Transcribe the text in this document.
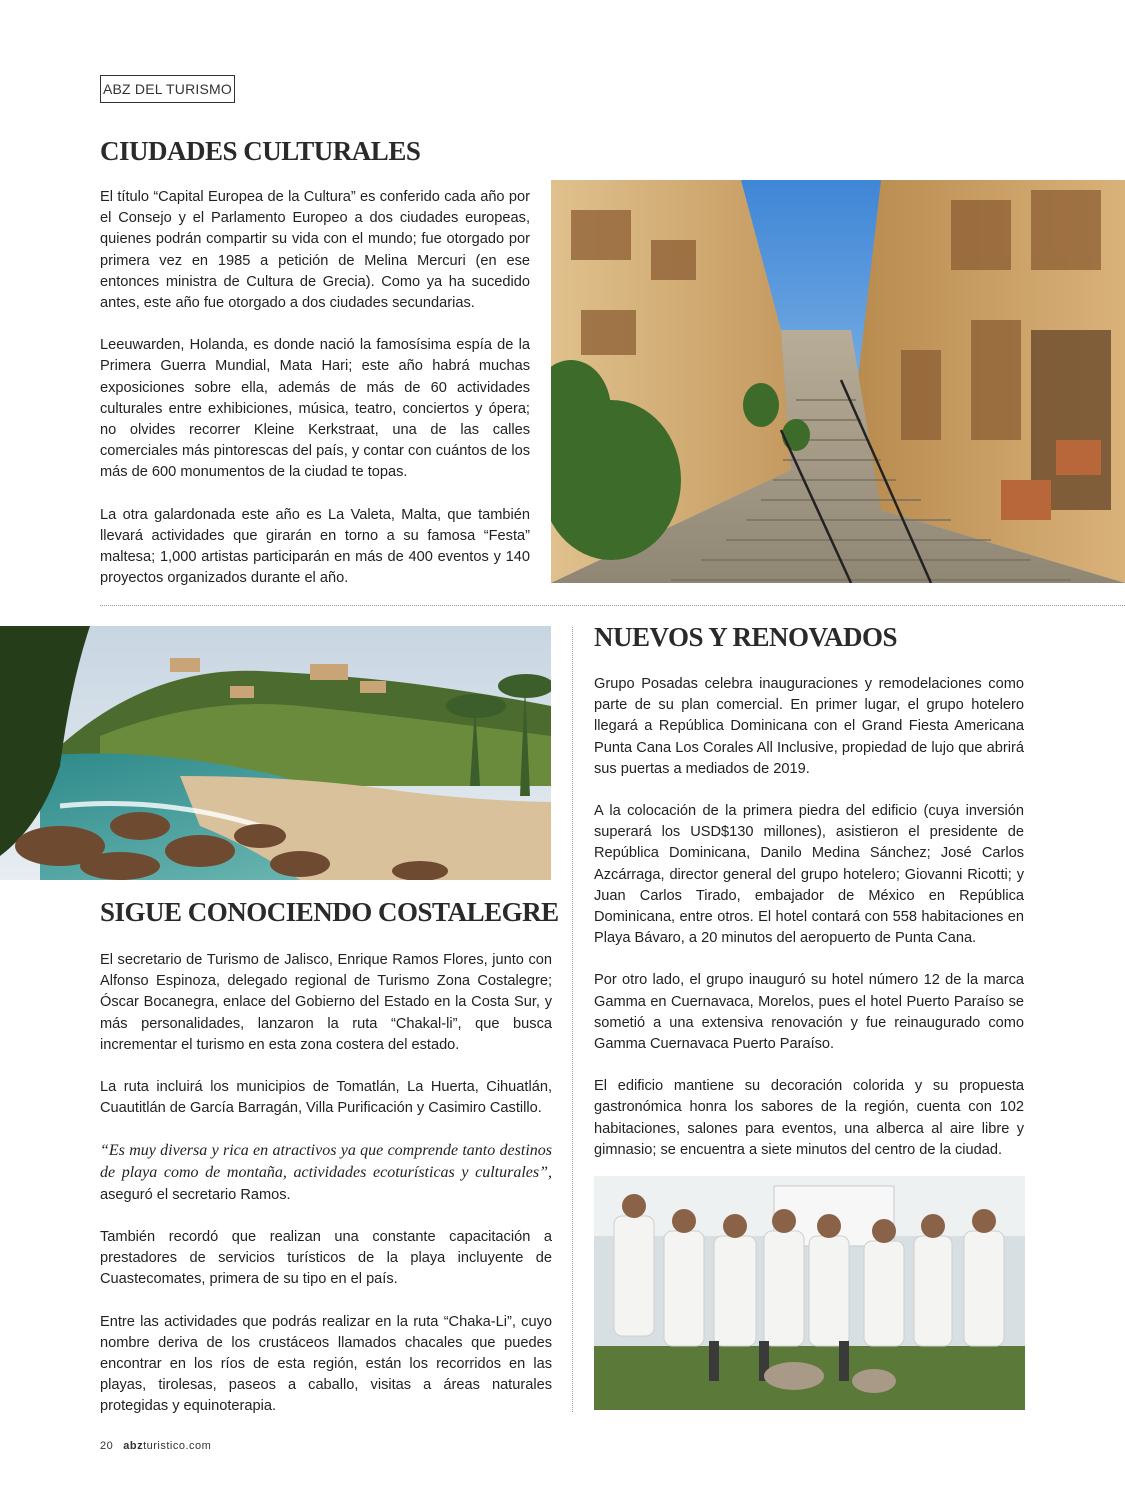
ABZ DEL TURISMO
CIUDADES CULTURALES

El título “Capital Europea de la Cultura” es conferido cada año por el Consejo y el Parlamento Europeo a dos ciudades europeas, quienes podrán compartir su vida con el mundo; fue otorgado por primera vez en 1985 a petición de Melina Mercuri (en ese entonces ministra de Cultura de Grecia). Como ya ha sucedido antes, este año fue otorgado a dos ciudades secundarias.

Leeuwarden, Holanda, es donde nació la famosísima espía de la Primera Guerra Mundial, Mata Hari; este año habrá muchas exposiciones sobre ella, además de más de 60 actividades culturales entre exhibiciones, música, teatro, conciertos y ópera; no olvides recorrer Kleine Kerkstraat, una de las calles comerciales más pintorescas del país, y contar con cuántos de los más de 600 monumentos de la ciudad te topas.

La otra galardonada este año es La Valeta, Malta, que también llevará actividades que girarán en torno a su famosa “Festa” maltesa; 1,000 artistas participarán en más de 400 eventos y 140 proyectos organizados durante el año.

SIGUE CONOCIENDO COSTALEGRE

El secretario de Turismo de Jalisco, Enrique Ramos Flores, junto con Alfonso Espinoza, delegado regional de Turismo Zona Costalegre; Óscar Bocanegra, enlace del Gobierno del Estado en la Costa Sur, y más personalidades, lanzaron la ruta “Chakal-li”, que busca incrementar el turismo en esta zona costera del estado.

La ruta incluirá los municipios de Tomatlán, La Huerta, Cihuatlán, Cuautitlán de García Barragán, Villa Purificación y Casimiro Castillo.

“Es muy diversa y rica en atractivos ya que comprende tanto destinos de playa como de montaña, actividades ecoturísticas y culturales”, aseguró el secretario Ramos.

También recordó que realizan una constante capacitación a prestadores de servicios turísticos de la playa incluyente de Cuastecomates, primera de su tipo en el país.

Entre las actividades que podrás realizar en la ruta “Chaka-Li”, cuyo nombre deriva de los crustáceos llamados chacales que puedes encontrar en los ríos de esta región, están los recorridos en las playas, tirolesas, paseos a caballo, visitas a áreas naturales protegidas y equinoterapia.

NUEVOS Y RENOVADOS

Grupo Posadas celebra inauguraciones y remodelaciones como parte de su plan comercial. En primer lugar, el grupo hotelero llegará a República Dominicana con el Grand Fiesta Americana Punta Cana Los Corales All Inclusive, propiedad de lujo que abrirá sus puertas a mediados de 2019.

A la colocación de la primera piedra del edificio (cuya inversión superará los USD$130 millones), asistieron el presidente de República Dominicana, Danilo Medina Sánchez; José Carlos Azcárraga, director general del grupo hotelero; Giovanni Ricotti; y Juan Carlos Tirado, embajador de México en República Dominicana, entre otros. El hotel contará con 558 habitaciones en Playa Bávaro, a 20 minutos del aeropuerto de Punta Cana.

Por otro lado, el grupo inauguró su hotel número 12 de la marca Gamma en Cuernavaca, Morelos, pues el hotel Puerto Paraíso se sometió a una extensiva renovación y fue reinaugurado como Gamma Cuernavaca Puerto Paraíso.

El edificio mantiene su decoración colorida y su propuesta gastronómica honra los sabores de la región, cuenta con 102 habitaciones, salones para eventos, una alberca al aire libre y gimnasio; se encuentra a siete minutos del centro de la ciudad.

20 abzturistico.com
